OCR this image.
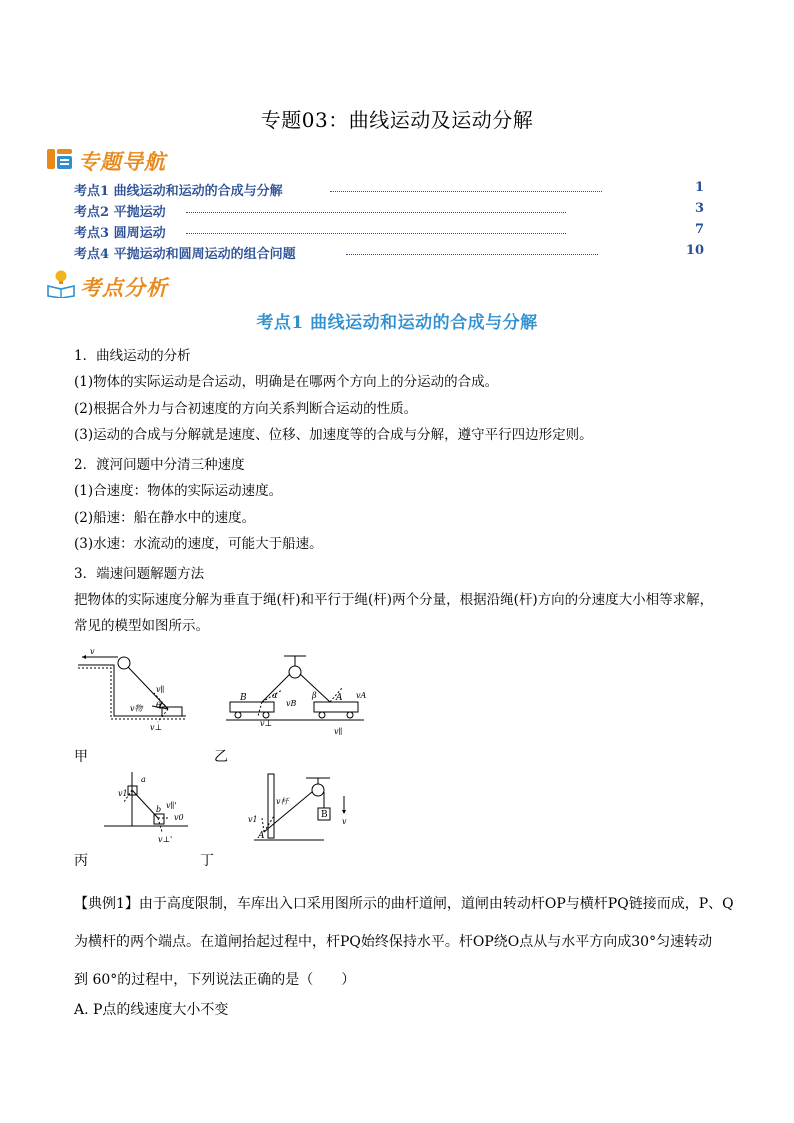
专题03：曲线运动及运动分解
专题导航
考点1 曲线运动和运动的合成与分解	1
考点2 平抛运动	3
考点3 圆周运动	7
考点4 平抛运动和圆周运动的组合问题	10
考点分析
考点1 曲线运动和运动的合成与分解
1．曲线运动的分析
(1)物体的实际运动是合运动，明确是在哪两个方向上的分运动的合成。
(2)根据合外力与合初速度的方向关系判断合运动的性质。
(3)运动的合成与分解就是速度、位移、加速度等的合成与分解，遵守平行四边形定则。
2．渡河问题中分清三种速度
(1)合速度：物体的实际运动速度。
(2)船速：船在静水中的速度。
(3)水速：水流动的速度，可能大于船速。
3．端速问题解题方法
把物体的实际速度分解为垂直于绳(杆)和平行于绳(杆)两个分量，根据沿绳(杆)方向的分速度大小相等求解，
常见的模型如图所示。
v
v∥
v物 θ
v⊥
甲
B	A
α	β
vB
vA
v⊥
v∥
乙
a
b
v1
v0
v∥'
v⊥'
丙
B
A
v杆
v
v1
丁
【典例1】由于高度限制，车库出入口采用图所示的曲杆道闸，道闸由转动杆OP与横杆PQ链接而成，P、Q
为横杆的两个端点。在道闸抬起过程中，杆PQ始终保持水平。杆OP绕O点从与水平方向成30°匀速转动
到 60°的过程中，下列说法正确的是（　　）
A. P点的线速度大小不变
